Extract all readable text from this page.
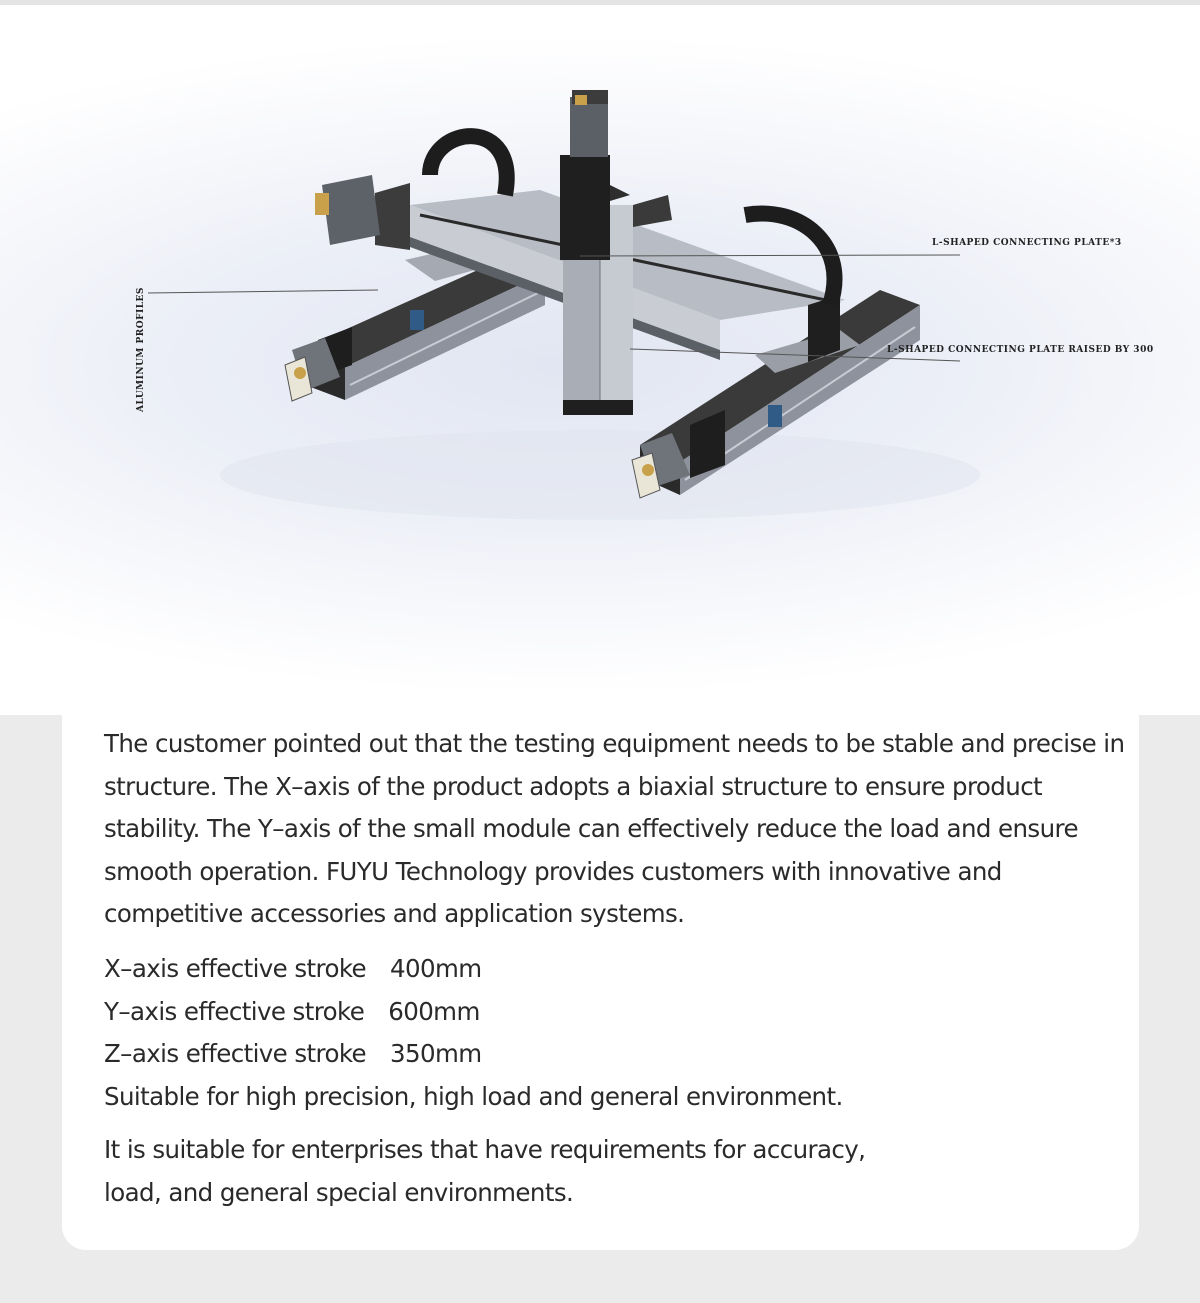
ALUMINUM PROFILES
L-SHAPED CONNECTING PLATE*3
L-SHAPED CONNECTING PLATE RAISED BY 300

The customer pointed out that the testing equipment needs to be stable and precise in structure. The X–axis of the product adopts a biaxial structure to ensure product stability. The Y–axis of the small module can effectively reduce the load and ensure smooth operation. FUYU Technology provides customers with innovative and competitive accessories and application systems.

X–axis effective stroke 400mm
Y–axis effective stroke 600mm
Z–axis effective stroke 350mm
Suitable for high precision, high load and general environment.

It is suitable for enterprises that have requirements for accuracy, load, and general special environments.
